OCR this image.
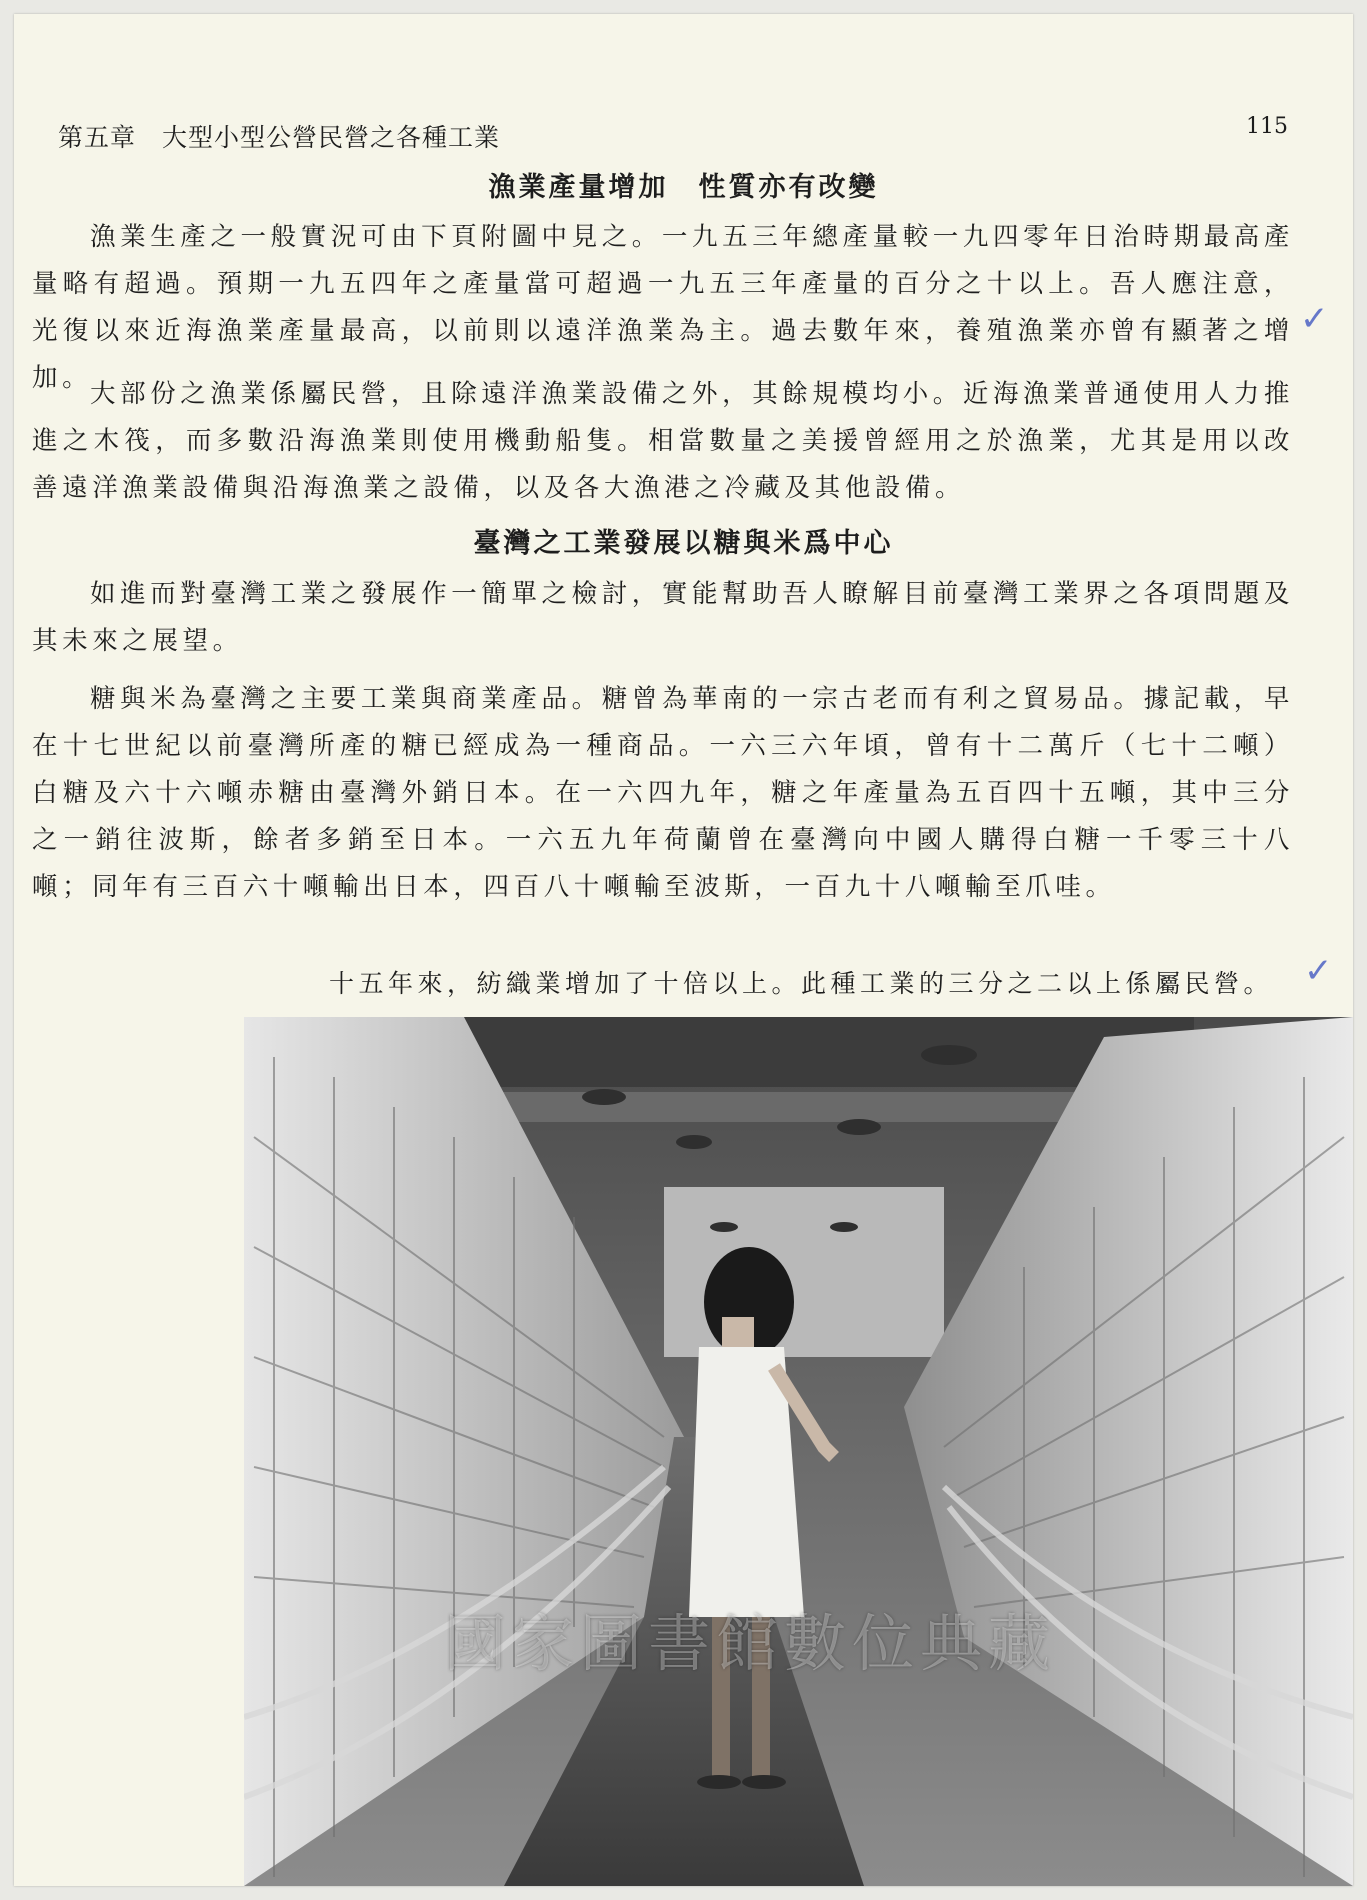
第五章　大型小型公營民營之各種工業	115
漁業產量增加　性質亦有改變

漁業生產之一般實況可由下頁附圖中見之。一九五三年總產量較一九四零年日治時期最高產量略有超過。預期一九五四年之產量當可超過一九五三年產量的百分之十以上。吾人應注意，光復以來近海漁業產量最高，以前則以遠洋漁業為主。過去數年來，養殖漁業亦曾有顯著之增加。

✓

大部份之漁業係屬民營，且除遠洋漁業設備之外，其餘規模均小。近海漁業普通使用人力推進之木筏，而多數沿海漁業則使用機動船隻。相當數量之美援曾經用之於漁業，尤其是用以改善遠洋漁業設備與沿海漁業之設備，以及各大漁港之冷藏及其他設備。

臺灣之工業發展以糖與米爲中心

如進而對臺灣工業之發展作一簡單之檢討，實能幫助吾人瞭解目前臺灣工業界之各項問題及其未來之展望。

糖與米為臺灣之主要工業與商業產品。糖曾為華南的一宗古老而有利之貿易品。據記載，早在十七世紀以前臺灣所產的糖已經成為一種商品。一六三六年頃，曾有十二萬斤（七十二噸）白糖及六十六噸赤糖由臺灣外銷日本。在一六四九年，糖之年產量為五百四十五噸，其中三分之一銷往波斯，餘者多銷至日本。一六五九年荷蘭曾在臺灣向中國人購得白糖一千零三十八噸；同年有三百六十噸輸出日本，四百八十噸輸至波斯，一百九十八噸輸至爪哇。

十五年來，紡織業增加了十倍以上。此種工業的三分之二以上係屬民營。 ✓
國家圖書館數位典藏
